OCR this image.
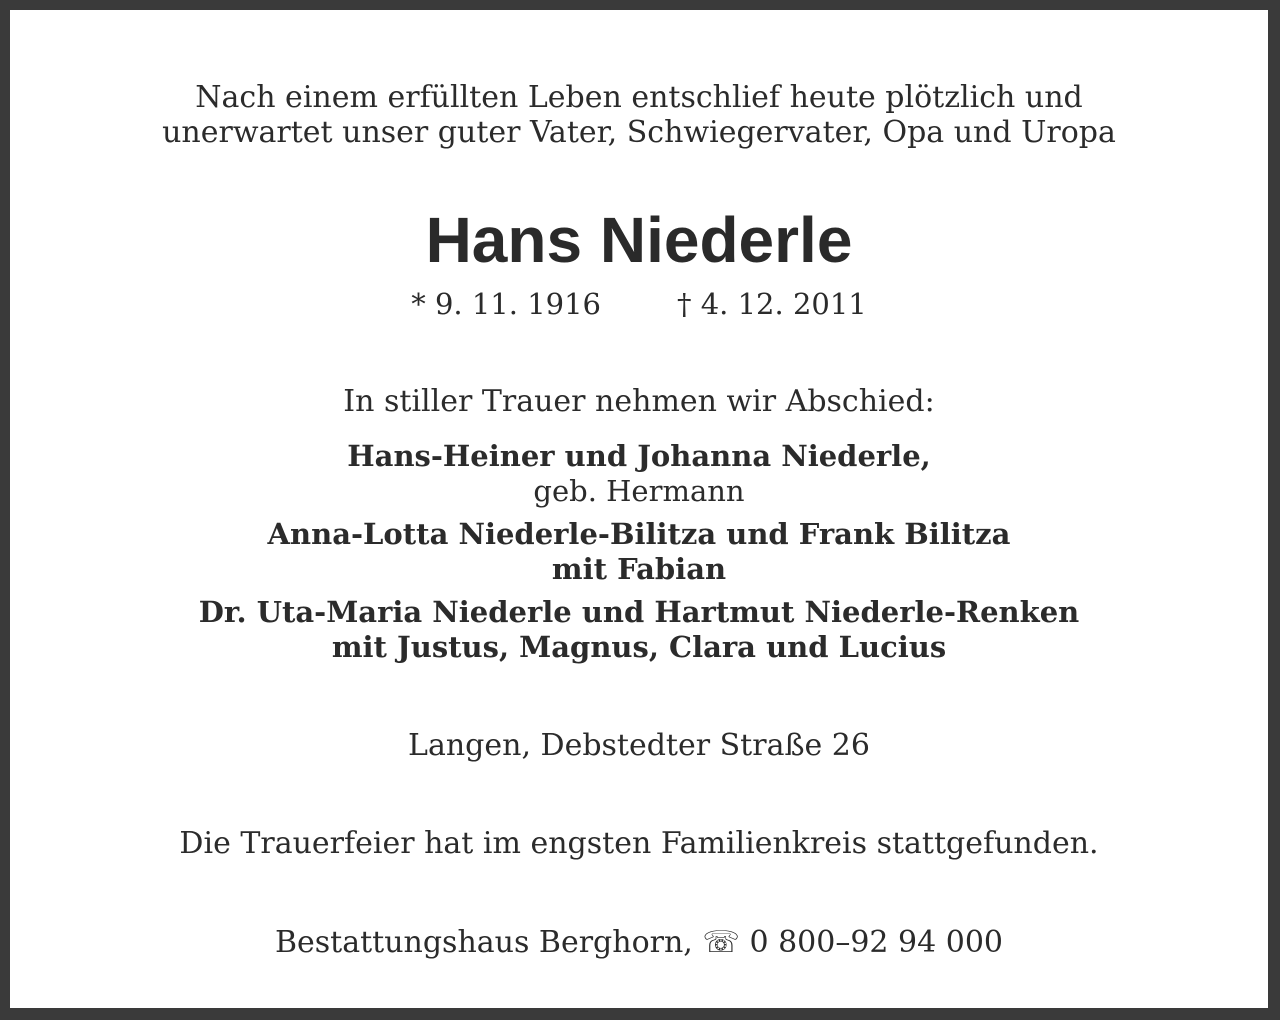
Nach einem erfüllten Leben entschlief heute plötzlich und
unerwartet unser guter Vater, Schwiegervater, Opa und Uropa
Hans Niederle
* 9. 11. 1916	† 4. 12. 2011
In stiller Trauer nehmen wir Abschied:
Hans-Heiner und Johanna Niederle,
geb. Hermann
Anna-Lotta Niederle-Bilitza und Frank Bilitza
mit Fabian
Dr. Uta-Maria Niederle und Hartmut Niederle-Renken
mit Justus, Magnus, Clara und Lucius
Langen, Debstedter Straße 26
Die Trauerfeier hat im engsten Familienkreis stattgefunden.
Bestattungshaus Berghorn, ☏ 0 800–92 94 000
